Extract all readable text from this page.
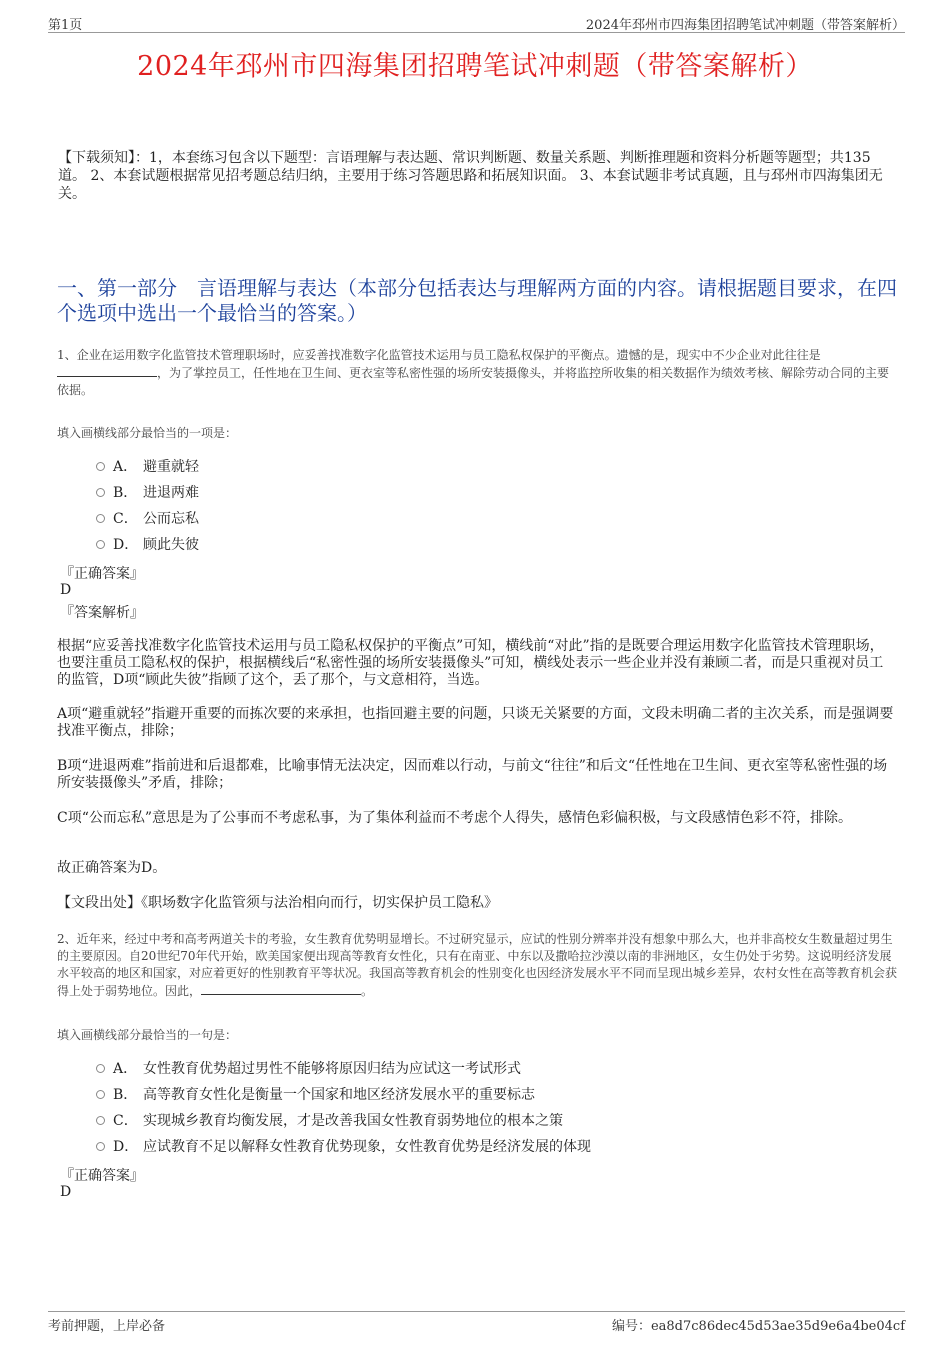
第1页	2024年邳州市四海集团招聘笔试冲刺题（带答案解析）
2024年邳州市四海集团招聘笔试冲刺题（带答案解析）
【下载须知】：1，本套练习包含以下题型：言语理解与表达题、常识判断题、数量关系题、判断推理题和资料分析题等题型；共135道。 2、本套试题根据常见招考题总结归纳，主要用于练习答题思路和拓展知识面。 3、本套试题非考试真题，且与邳州市四海集团无关。
一、第一部分　言语理解与表达（本部分包括表达与理解两方面的内容。请根据题目要求，在四个选项中选出一个最恰当的答案。）
1、企业在运用数字化监管技术管理职场时，应妥善找准数字化监管技术运用与员工隐私权保护的平衡点。遗憾的是，现实中不少企业对此往往是，为了掌控员工，任性地在卫生间、更衣室等私密性强的场所安装摄像头，并将监控所收集的相关数据作为绩效考核、解除劳动合同的主要依据。
填入画横线部分最恰当的一项是：
A． 避重就轻
B． 进退两难
C． 公而忘私
D． 顾此失彼
『正确答案』
D
『答案解析』
根据“应妥善找准数字化监管技术运用与员工隐私权保护的平衡点”可知，横线前“对此”指的是既要合理运用数字化监管技术管理职场，也要注重员工隐私权的保护，根据横线后“私密性强的场所安装摄像头”可知，横线处表示一些企业并没有兼顾二者，而是只重视对员工的监管，D项“顾此失彼”指顾了这个，丢了那个，与文意相符，当选。
A项“避重就轻”指避开重要的而拣次要的来承担，也指回避主要的问题，只谈无关紧要的方面，文段未明确二者的主次关系，而是强调要找准平衡点，排除；
B项“进退两难”指前进和后退都难，比喻事情无法决定，因而难以行动，与前文“往往”和后文“任性地在卫生间、更衣室等私密性强的场所安装摄像头”矛盾，排除；
C项“公而忘私”意思是为了公事而不考虑私事，为了集体利益而不考虑个人得失，感情色彩偏积极，与文段感情色彩不符，排除。
故正确答案为D。
【文段出处】《职场数字化监管须与法治相向而行，切实保护员工隐私》
2、近年来，经过中考和高考两道关卡的考验，女生教育优势明显增长。不过研究显示，应试的性别分辨率并没有想象中那么大，也并非高校女生数量超过男生的主要原因。自20世纪70年代开始，欧美国家便出现高等教育女性化，只有在南亚、中东以及撒哈拉沙漠以南的非洲地区，女生仍处于劣势。这说明经济发展水平较高的地区和国家，对应着更好的性别教育平等状况。我国高等教育机会的性别变化也因经济发展水平不同而呈现出城乡差异，农村女性在高等教育机会获得上处于弱势地位。因此，	。
填入画横线部分最恰当的一句是：
A． 女性教育优势超过男性不能够将原因归结为应试这一考试形式
B． 高等教育女性化是衡量一个国家和地区经济发展水平的重要标志
C． 实现城乡教育均衡发展，才是改善我国女性教育弱势地位的根本之策
D． 应试教育不足以解释女性教育优势现象，女性教育优势是经济发展的体现
『正确答案』
D
考前押题，上岸必备	编号：ea8d7c86dec45d53ae35d9e6a4be04cf
